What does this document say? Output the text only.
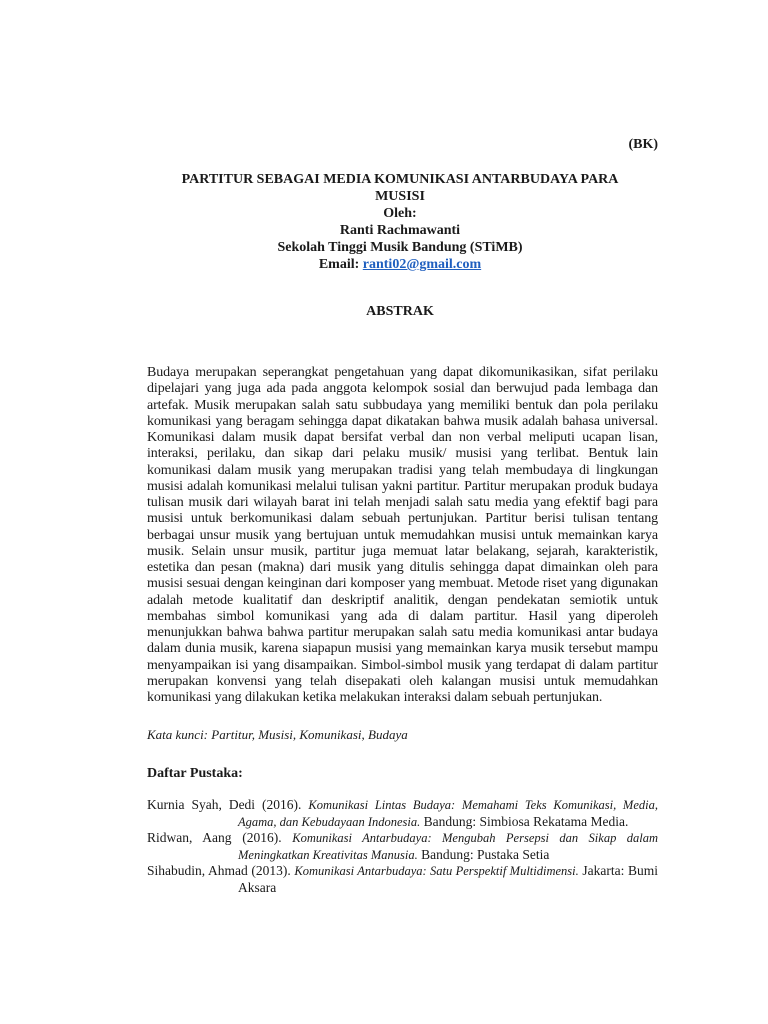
(BK)
PARTITUR SEBAGAI MEDIA KOMUNIKASI ANTARBUDAYA PARA
MUSISI
Oleh:
Ranti Rachmawanti
Sekolah Tinggi Musik Bandung (STiMB)
Email: ranti02@gmail.com
ABSTRAK
Budaya merupakan seperangkat pengetahuan yang dapat dikomunikasikan, sifat perilaku dipelajari yang juga ada pada anggota kelompok sosial dan berwujud pada lembaga dan artefak. Musik merupakan salah satu subbudaya yang memiliki bentuk dan pola perilaku komunikasi yang beragam sehingga dapat dikatakan bahwa musik adalah bahasa universal. Komunikasi dalam musik dapat bersifat verbal dan non verbal meliputi ucapan lisan, interaksi, perilaku, dan sikap dari pelaku musik/ musisi yang terlibat. Bentuk lain komunikasi dalam musik yang merupakan tradisi yang telah membudaya di lingkungan musisi adalah komunikasi melalui tulisan yakni partitur. Partitur merupakan produk budaya tulisan musik dari wilayah barat ini telah menjadi salah satu media yang efektif bagi para musisi untuk berkomunikasi dalam sebuah pertunjukan. Partitur berisi tulisan tentang berbagai unsur musik yang bertujuan untuk memudahkan musisi untuk memainkan karya musik. Selain unsur musik, partitur juga memuat latar belakang, sejarah, karakteristik, estetika dan pesan (makna) dari musik yang ditulis sehingga dapat dimainkan oleh para musisi sesuai dengan keinginan dari komposer yang membuat. Metode riset yang digunakan adalah metode kualitatif dan deskriptif analitik, dengan pendekatan semiotik untuk membahas simbol komunikasi yang ada di dalam partitur. Hasil yang diperoleh menunjukkan bahwa bahwa partitur merupakan salah satu media komunikasi antar budaya dalam dunia musik, karena siapapun musisi yang memainkan karya musik tersebut mampu menyampaikan isi yang disampaikan. Simbol-simbol musik yang terdapat di dalam partitur merupakan konvensi yang telah disepakati oleh kalangan musisi untuk memudahkan komunikasi yang dilakukan ketika melakukan interaksi dalam sebuah pertunjukan.
Kata kunci: Partitur, Musisi, Komunikasi, Budaya
Daftar Pustaka:
Kurnia Syah, Dedi (2016). Komunikasi Lintas Budaya: Memahami Teks Komunikasi, Media, Agama, dan Kebudayaan Indonesia. Bandung: Simbiosa Rekatama Media.
Ridwan, Aang (2016). Komunikasi Antarbudaya: Mengubah Persepsi dan Sikap dalam Meningkatkan Kreativitas Manusia. Bandung: Pustaka Setia
Sihabudin, Ahmad (2013). Komunikasi Antarbudaya: Satu Perspektif Multidimensi. Jakarta: Bumi Aksara
